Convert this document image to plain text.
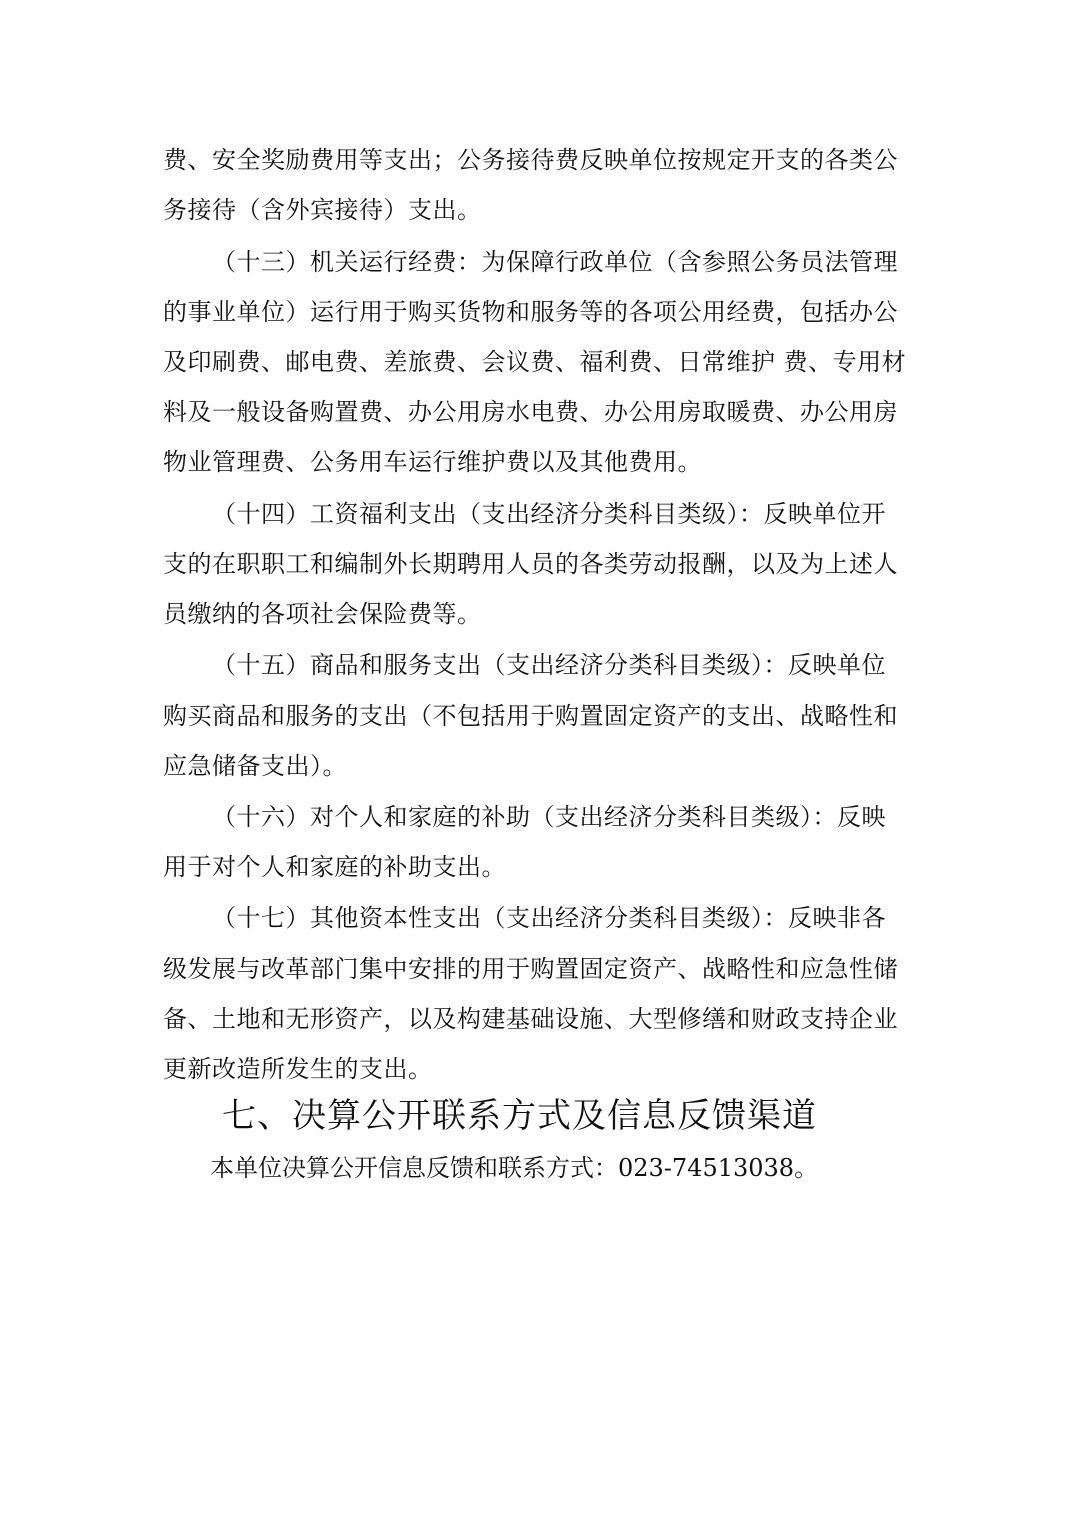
费、安全奖励费用等支出；公务接待费反映单位按规定开支的各类公
务接待（含外宾接待）支出。
（十三）机关运行经费：为保障行政单位（含参照公务员法管理
的事业单位）运行用于购买货物和服务等的各项公用经费，包括办公
及印刷费、邮电费、差旅费、会议费、福利费、日常维护 费、专用材
料及一般设备购置费、办公用房水电费、办公用房取暖费、办公用房
物业管理费、公务用车运行维护费以及其他费用。
（十四）工资福利支出（支出经济分类科目类级）：反映单位开
支的在职职工和编制外长期聘用人员的各类劳动报酬，以及为上述人
员缴纳的各项社会保险费等。
（十五）商品和服务支出（支出经济分类科目类级）：反映单位
购买商品和服务的支出（不包括用于购置固定资产的支出、战略性和
应急储备支出）。
（十六）对个人和家庭的补助（支出经济分类科目类级）：反映
用于对个人和家庭的补助支出。
（十七）其他资本性支出（支出经济分类科目类级）：反映非各
级发展与改革部门集中安排的用于购置固定资产、战略性和应急性储
备、土地和无形资产，以及构建基础设施、大型修缮和财政支持企业
更新改造所发生的支出。
七、决算公开联系方式及信息反馈渠道
本单位决算公开信息反馈和联系方式：023-74513038。
